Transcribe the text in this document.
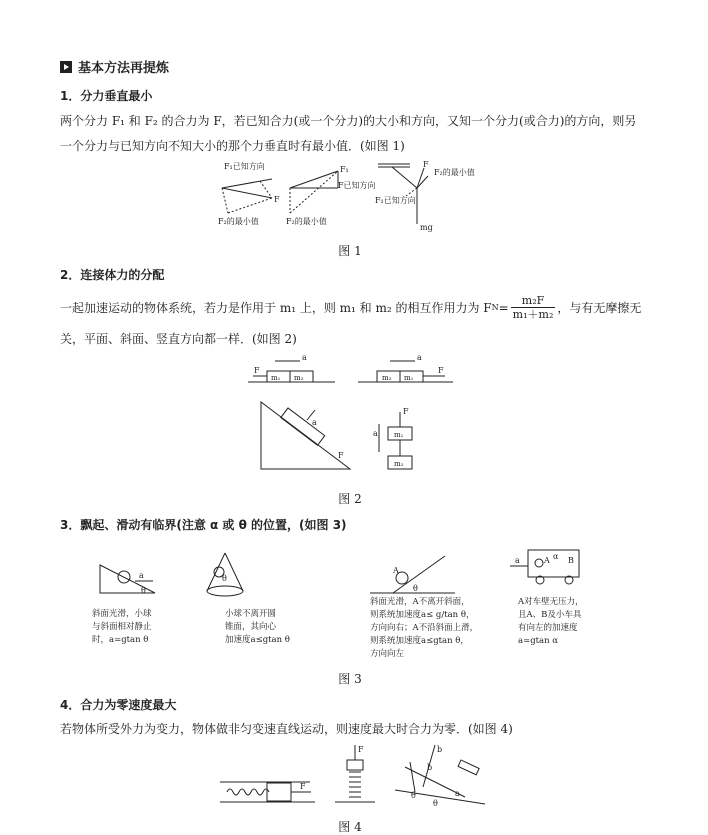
基本方法再提炼
1．分力垂直最小
两个分力 F₁ 和 F₂ 的合力为 F，若已知合力(或一个分力)的大小和方向，又知一个分力(或合力)的方向，则另
一个分力与已知方向不知大小的那个力垂直时有最小值．(如图 1)
F₁已知方向
F
F₂的最小值
F₁
F已知方向
F₂的最小值
F
F₂的最小值
F₁已知方向
mg
图 1
2．连接体力的分配
一起加速运动的物体系统，若力是作用于 m₁ 上，则 m₁ 和 m₂ 的相互作用力为 F $N = \frac{\text{m₂F}}{\text{m₁＋m₂}}$ ，与有无摩擦无
关，平面、斜面、竖直方向都一样．(如图 2)
a
F
m₁ m₂
a
m₂ m₁
F
F
a
F
m₁
m₂
a
图 2
3．飘起、滑动有临界(注意 α 或 θ 的位置，(如图 3)
a
θ
θ
A
θ
a	A α B
斜面光滑，小球
与斜面相对静止
时，a=gtan θ
小球不离开圆
锥面，其向心
加速度a≤gtan θ
斜面光滑，A不离开斜面，
则系统加速度a≤ g/tan θ，
方向向右；A不沿斜面上滑，
则系统加速度a≤gtan θ，
方向向左
A对车壁无压力，
且A、B及小车具
有向左的加速度
a=gtan α
图 3
4．合力为零速度最大
若物体所受外力为变力，物体做非匀变速直线运动，则速度最大时合力为零．(如图 4)
F
F	b
b
a
θ
θ
图 4
